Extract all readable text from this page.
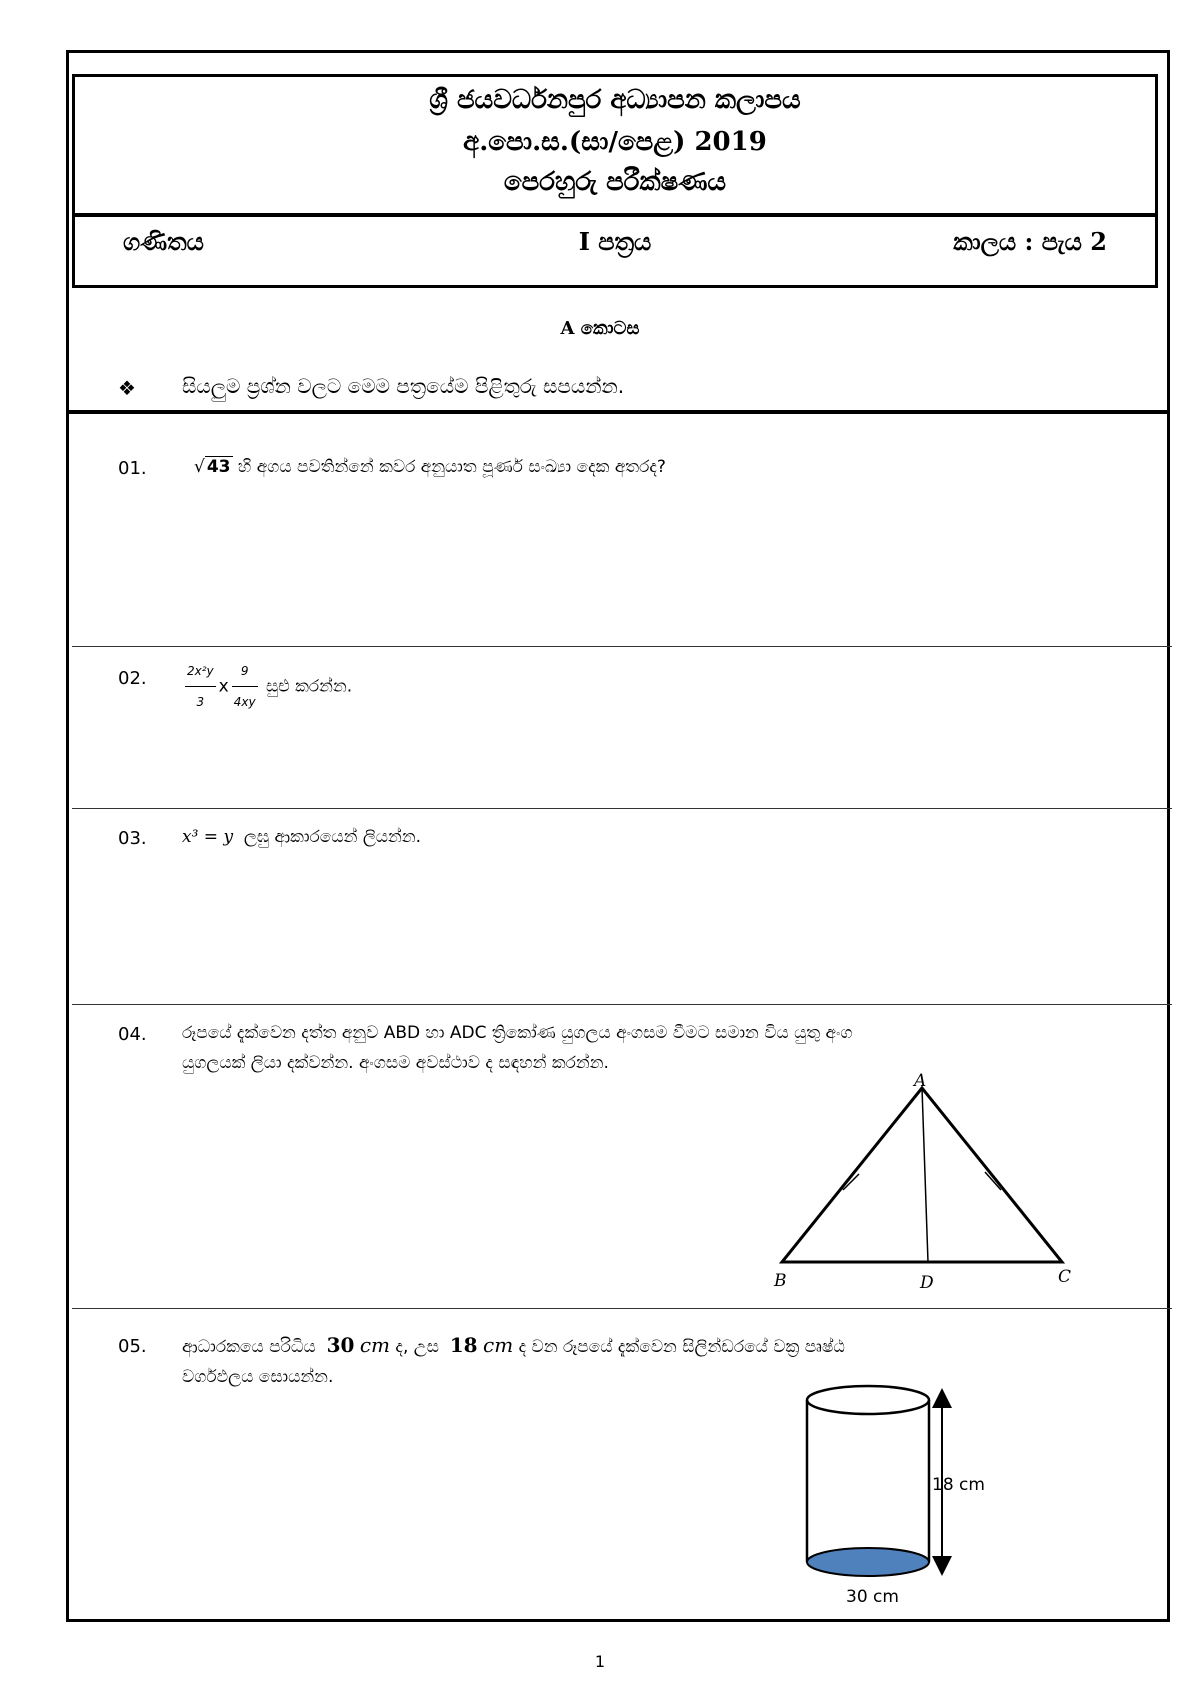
ශ්‍රී ජයවර්ධනපුර අධ්‍යාපන කලාපය
අ.පො.ස.(සා/පෙළ) 2019
පෙරහුරු පරීක්ෂණය
ගණිතය	I පත්‍රය	කාලය : පැය 2
A කොටස
❖ සියලුම ප්‍රශ්න වලට මෙම පත්‍රයේම පිළිතුරු සපයන්න.
01.	√ 43 හි අගය පවතින්නේ කවර අනුයාත පූර්ණ සංඛ්‍යා දෙක අතරද?
02.	$\frac{\text{2x²y}}{3}$ x $\frac{9}{4xy}$ සුළු කරන්න.
03. x³ = y ලඝු ආකාරයෙන් ලියන්න.
04. රූපයේ දැක්වෙන දත්ත අනුව ABD හා ADC ත්‍රිකෝණ යුගලය අංගසම වීමට සමාන විය යුතු අංග
යුගලයක් ලියා දක්වන්න. අංගසම අවස්ථාව ද සඳහන් කරන්න.
A
B	D	C
05. ආධාරකයෙ පරිධිය 30 cm ද, උස 18 cm ද වන රූපයේ දැක්වෙන සිලින්ඩරයේ වක්‍ර පෘෂ්ඨ
වර්ගඵලය සොයන්න.
18 cm
30 cm
1
